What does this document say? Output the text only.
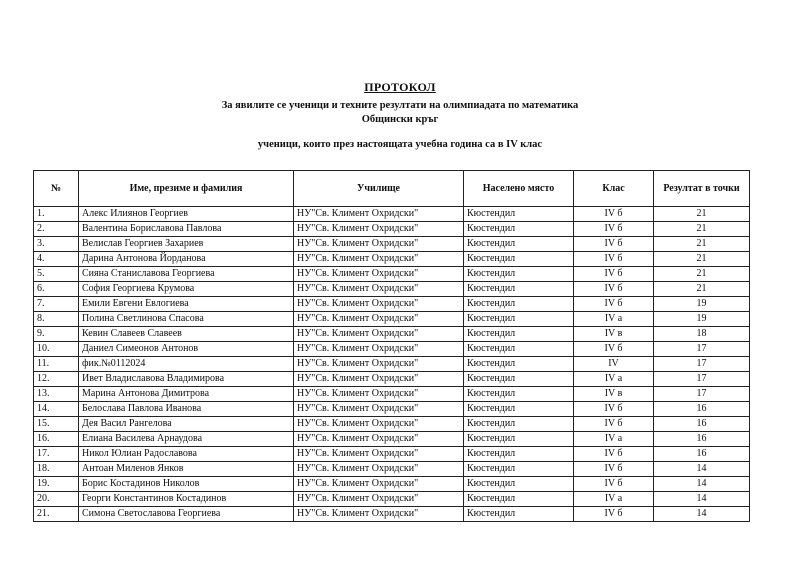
ПРОТОКОЛ
За явилите се ученици и техните резултати на олимпиадата по математика
Общински кръг
ученици, които през настоящата учебна година са в IV клас
№	Име, презиме и фамилия	Училище	Населено място	Клас	Резултат в точки
1.	Алекс Илиянов Георгиев	НУ"Св. Климент Охридски"	Кюстендил	IV б	21
2.	Валентина Бориславова Павлова	НУ"Св. Климент Охридски"	Кюстендил	IV б	21
3.	Велислав Георгиев Захариев	НУ"Св. Климент Охридски"	Кюстендил	IV б	21
4.	Дарина Антонова Йорданова	НУ"Св. Климент Охридски"	Кюстендил	IV б	21
5.	Сияна Станиславова Георгиева	НУ"Св. Климент Охридски"	Кюстендил	IV б	21
6.	София Георгиева Крумова	НУ"Св. Климент Охридски"	Кюстендил	IV б	21
7.	Емили Евгени Евлогиева	НУ"Св. Климент Охридски"	Кюстендил	IV б	19
8.	Полина Светлинова Спасова	НУ"Св. Климент Охридски"	Кюстендил	IV а	19
9.	Кевин Славеев Славеев	НУ"Св. Климент Охридски"	Кюстендил	IV в	18
10.	Даниел Симеонов Антонов	НУ"Св. Климент Охридски"	Кюстендил	IV б	17
11.	фик.№0112024	НУ"Св. Климент Охридски"	Кюстендил	IV	17
12.	Ивет Владиславова Владимирова	НУ"Св. Климент Охридски"	Кюстендил	IV а	17
13.	Марина Антонова Димитрова	НУ"Св. Климент Охридски"	Кюстендил	IV в	17
14.	Белослава Павлова Иванова	НУ"Св. Климент Охридски"	Кюстендил	IV б	16
15.	Дея Васил Рангелова	НУ"Св. Климент Охридски"	Кюстендил	IV б	16
16.	Елиана Василева Арнаудова	НУ"Св. Климент Охридски"	Кюстендил	IV а	16
17.	Никол Юлиан Радославова	НУ"Св. Климент Охридски"	Кюстендил	IV б	16
18.	Антоан Миленов Янков	НУ"Св. Климент Охридски"	Кюстендил	IV б	14
19.	Борис Костадинов Николов	НУ"Св. Климент Охридски"	Кюстендил	IV б	14
20.	Георги Константинов Костадинов	НУ"Св. Климент Охридски"	Кюстендил	IV а	14
21.	Симона Светославова Георгиева	НУ"Св. Климент Охридски"	Кюстендил	IV б	14
